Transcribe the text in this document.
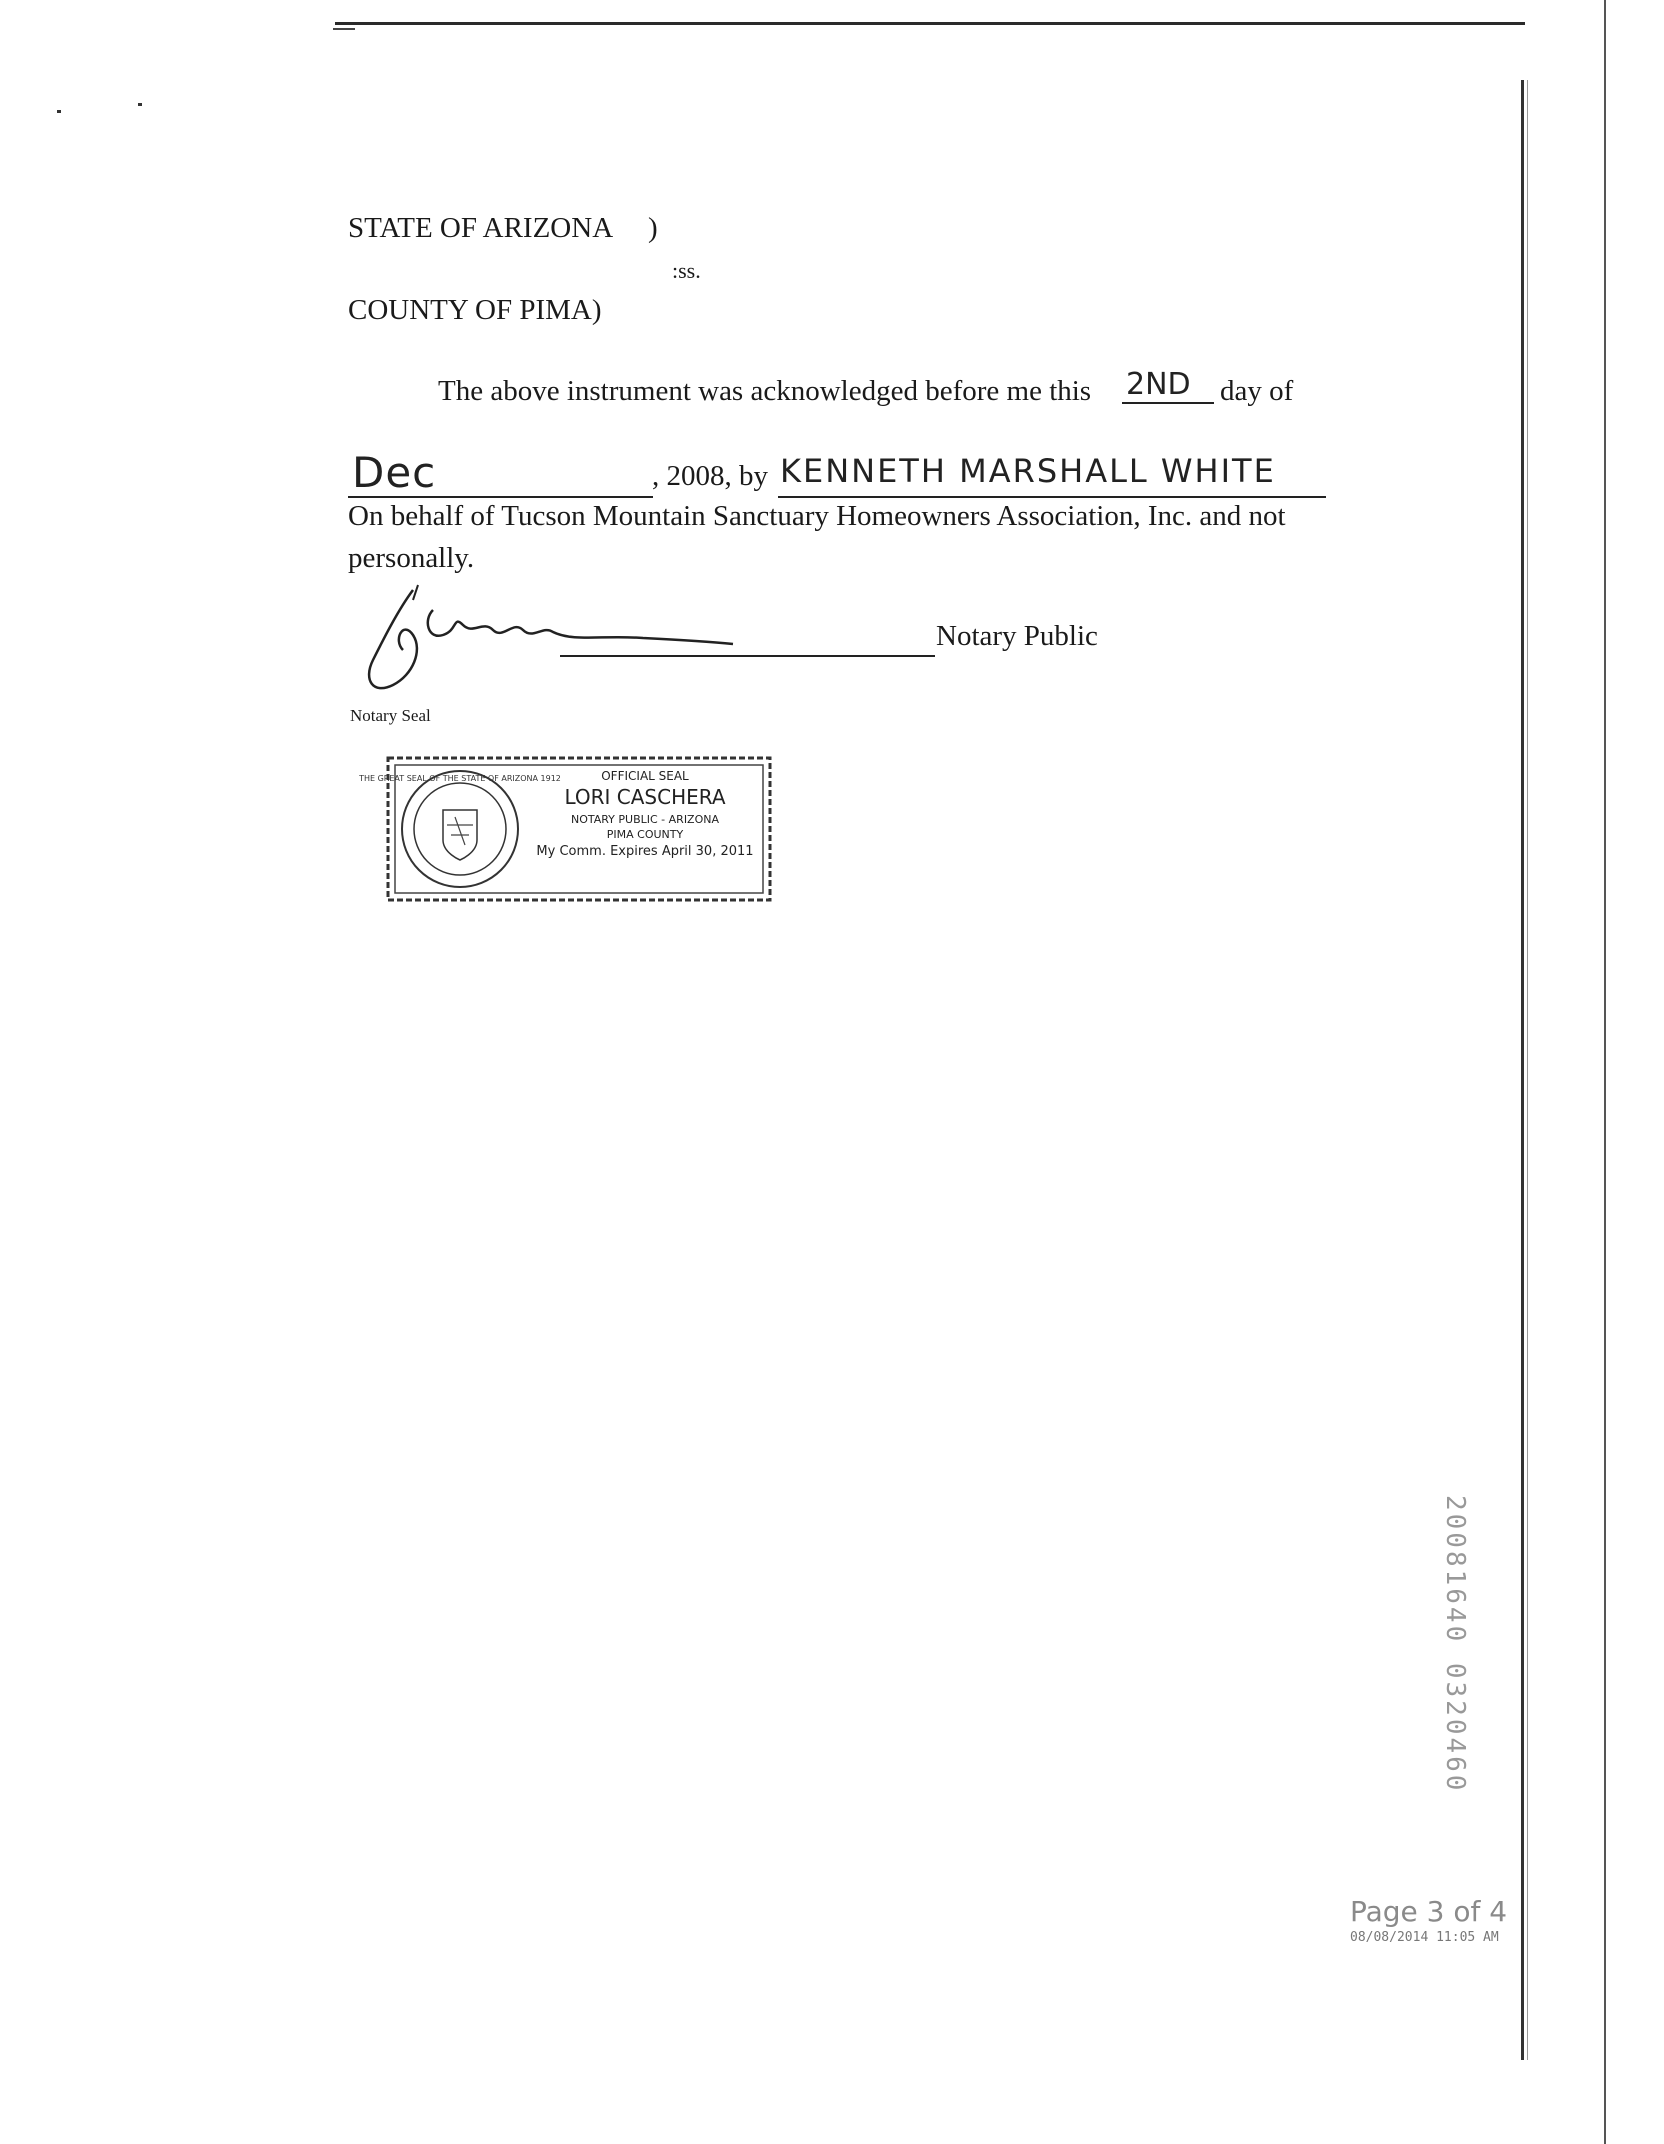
STATE OF ARIZONA )
:ss.
COUNTY OF PIMA)
The above instrument was acknowledged before me this 2ND day of
Dec	, 2008, by KENNETH MARSHALL WHITE
On behalf of Tucson Mountain Sanctuary Homeowners Association, Inc. and not
personally.
Notary Public
Notary Seal
THE GREAT SEAL OF THE STATE OF ARIZONA 1912	OFFICIAL SEAL
LORI CASCHERA
NOTARY PUBLIC - ARIZONA
PIMA COUNTY
My Comm. Expires April 30, 2011
20081640 0320460
Page 3 of 4
08/08/2014 11:05 AM
